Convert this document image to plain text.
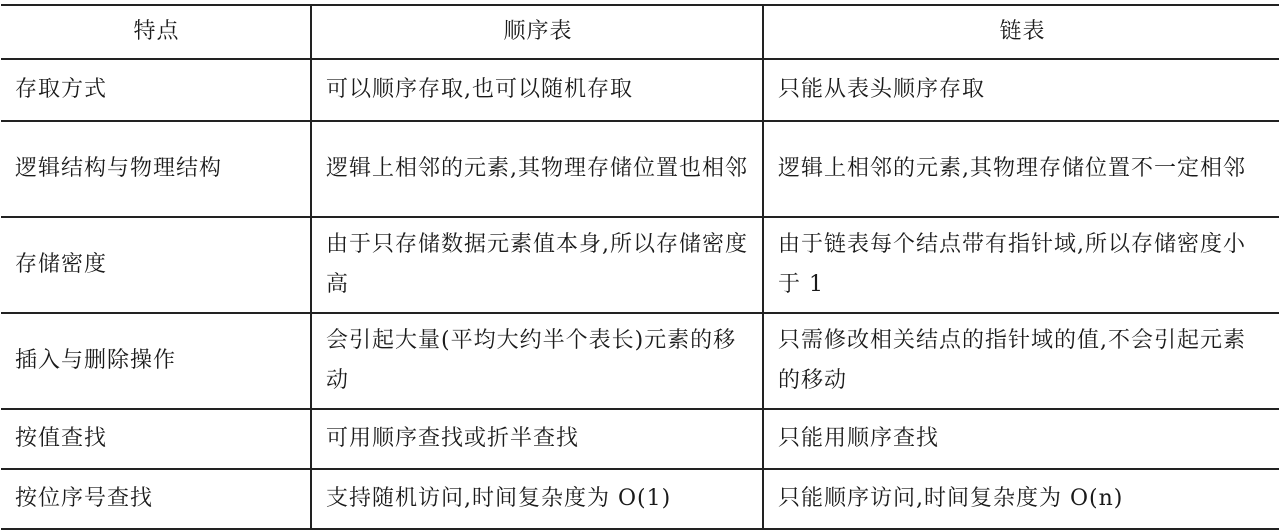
特点	顺序表	链表
存取方式	可以顺序存取,也可以随机存取	只能从表头顺序存取
逻辑结构与物理结构	逻辑上相邻的元素,其物理存储位置也相邻	逻辑上相邻的元素,其物理存储位置不一定相邻
存储密度	由于只存储数据元素值本身,所以存储密度高	由于链表每个结点带有指针域,所以存储密度小于 1
插入与删除操作	会引起大量(平均大约半个表长)元素的移动	只需修改相关结点的指针域的值,不会引起元素的移动
按值查找	可用顺序查找或折半查找	只能用顺序查找
按位序号查找	支持随机访问,时间复杂度为 O(1)	只能顺序访问,时间复杂度为 O(n)
